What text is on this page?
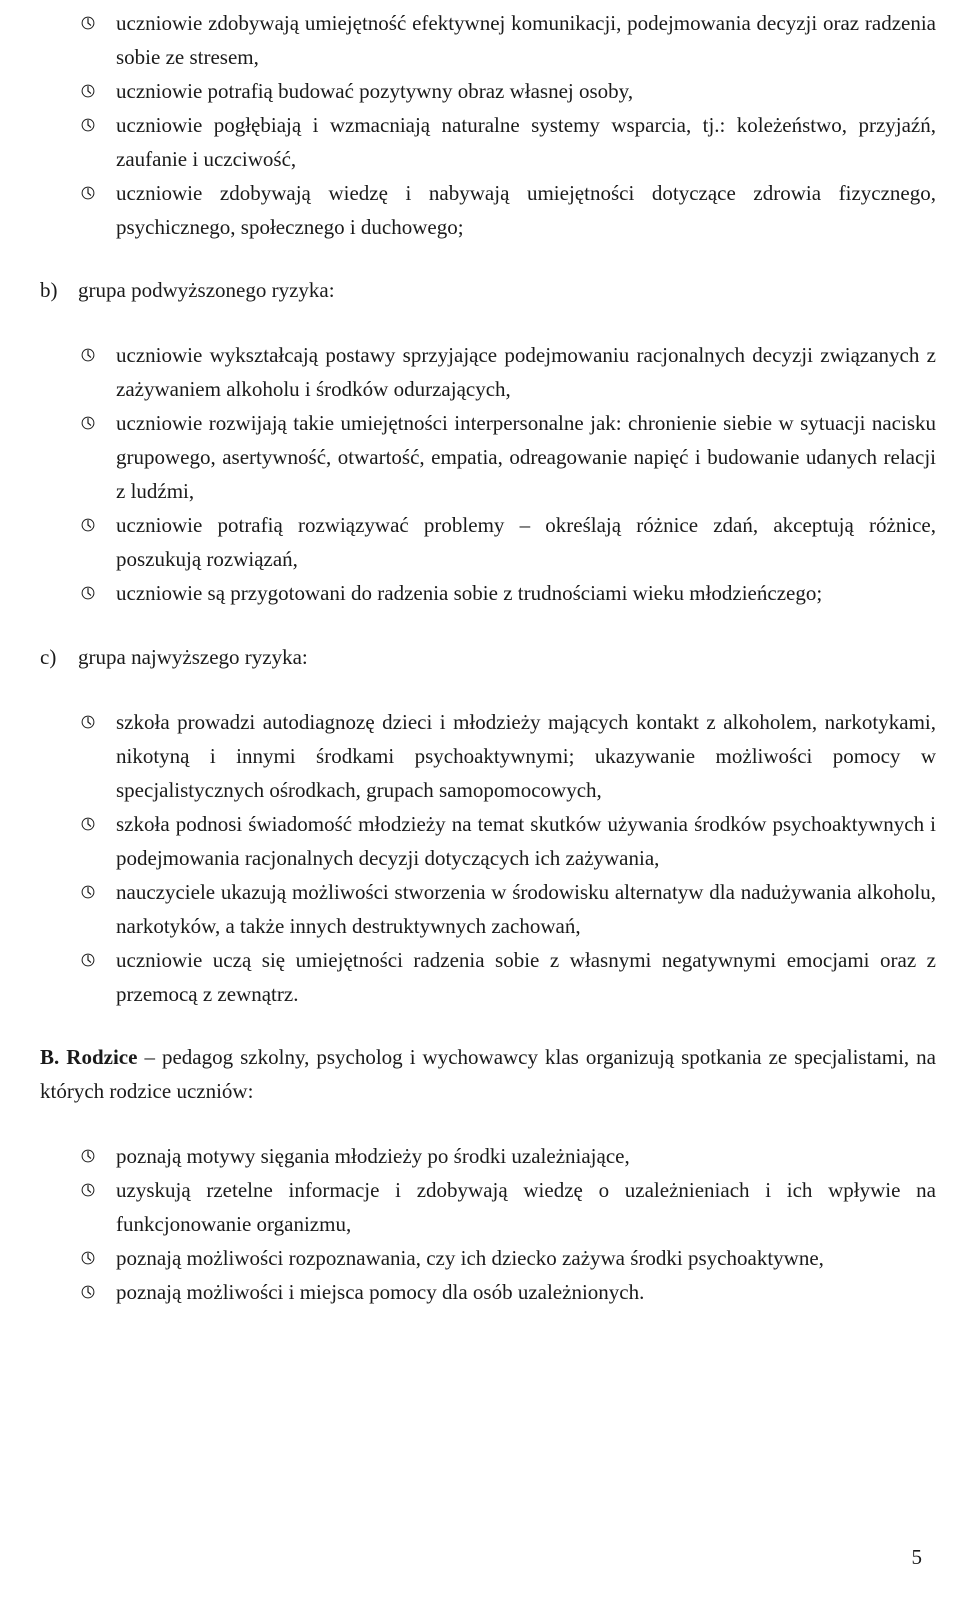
uczniowie zdobywają umiejętność efektywnej komunikacji, podejmowania decyzji oraz radzenia sobie ze stresem,
uczniowie potrafią budować pozytywny obraz własnej osoby,
uczniowie pogłębiają i wzmacniają naturalne systemy wsparcia, tj.: koleżeństwo, przyjaźń, zaufanie i uczciwość,
uczniowie zdobywają wiedzę i nabywają umiejętności dotyczące zdrowia fizycznego, psychicznego, społecznego i duchowego;

b) grupa podwyższonego ryzyka:

uczniowie wykształcają postawy sprzyjające podejmowaniu racjonalnych decyzji związanych z zażywaniem alkoholu i środków odurzających,
uczniowie rozwijają takie umiejętności interpersonalne jak: chronienie siebie w sytuacji nacisku grupowego, asertywność, otwartość, empatia, odreagowanie napięć i budowanie udanych relacji z ludźmi,
uczniowie potrafią rozwiązywać problemy – określają różnice zdań, akceptują różnice, poszukują rozwiązań,
uczniowie są przygotowani do radzenia sobie z trudnościami wieku młodzieńczego;

c) grupa najwyższego ryzyka:

szkoła prowadzi autodiagnozę dzieci i młodzieży mających kontakt z alkoholem, narkotykami, nikotyną i innymi środkami psychoaktywnymi; ukazywanie możliwości pomocy w specjalistycznych ośrodkach, grupach samopomocowych,
szkoła podnosi świadomość młodzieży na temat skutków używania środków psychoaktywnych i podejmowania racjonalnych decyzji dotyczących ich zażywania,
nauczyciele ukazują możliwości stworzenia w środowisku alternatyw dla nadużywania alkoholu, narkotyków, a także innych destruktywnych zachowań,
uczniowie uczą się umiejętności radzenia sobie z własnymi negatywnymi emocjami oraz z przemocą z zewnątrz.

B. Rodzice – pedagog szkolny, psycholog i wychowawcy klas organizują spotkania ze specjalistami, na których rodzice uczniów:

poznają motywy sięgania młodzieży po środki uzależniające,
uzyskują rzetelne informacje i zdobywają wiedzę o uzależnieniach i ich wpływie na funkcjonowanie organizmu,
poznają możliwości rozpoznawania, czy ich dziecko zażywa środki psychoaktywne,
poznają możliwości i miejsca pomocy dla osób uzależnionych.
5
